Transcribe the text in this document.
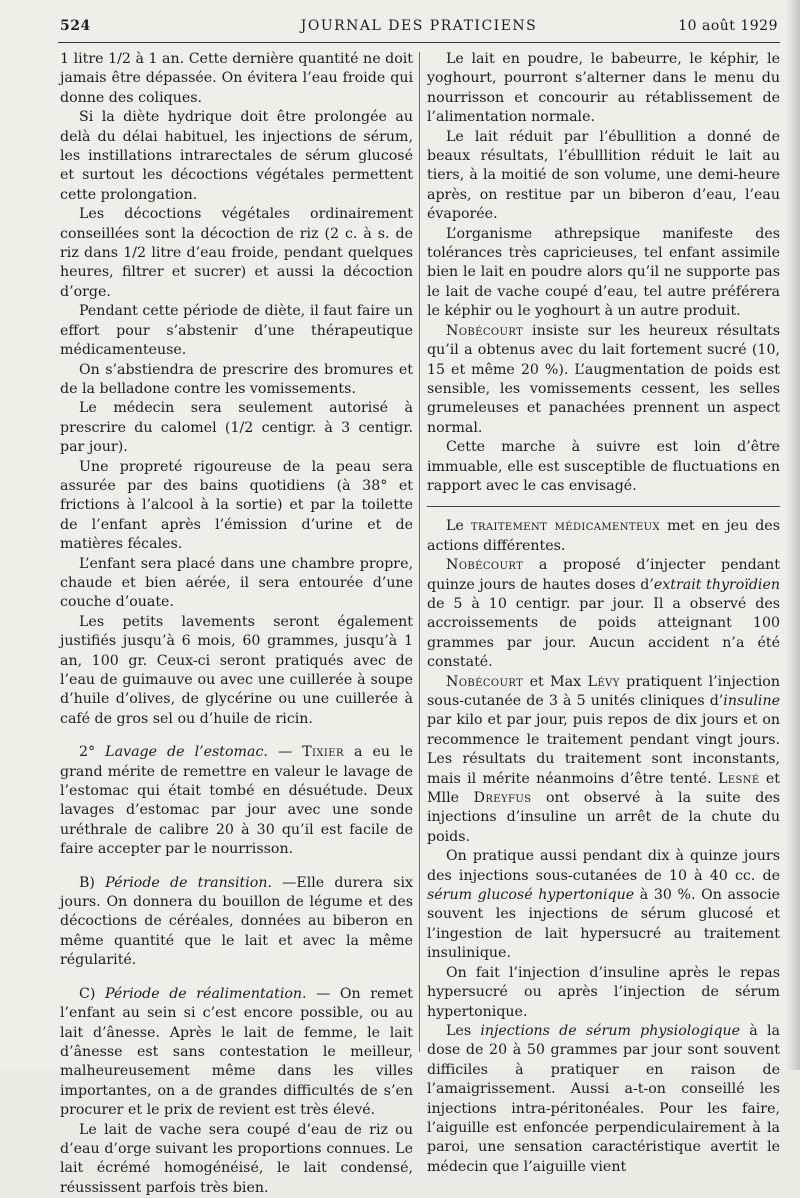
524	JOURNAL DES PRATICIENS	10 août 1929

1 litre 1/2 à 1 an. Cette dernière quantité ne doit jamais être dépassée. On évitera l’eau froide qui donne des coliques.

Si la diète hydrique doit être prolongée au delà du délai habituel, les injections de sérum, les instillations intrarectales de sérum glucosé et surtout les décoctions végétales permettent cette prolongation.

Les décoctions végétales ordinairement conseillées sont la décoction de riz (2 c. à s. de riz dans 1/2 litre d’eau froide, pendant quelques heures, filtrer et sucrer) et aussi la décoction d’orge.

Pendant cette période de diète, il faut faire un effort pour s’abstenir d’une thérapeutique médicamenteuse.

On s’abstiendra de prescrire des bromures et de la belladone contre les vomissements.

Le médecin sera seulement autorisé à prescrire du calomel (1/2 centigr. à 3 centigr. par jour).

Une propreté rigoureuse de la peau sera assurée par des bains quotidiens (à 38° et frictions à l’alcool à la sortie) et par la toilette de l’enfant après l’émission d’urine et de matières fécales.

L’enfant sera placé dans une chambre propre, chaude et bien aérée, il sera entourée d’une couche d’ouate.

Les petits lavements seront également justifiés jusqu’à 6 mois, 60 grammes, jusqu’à 1 an, 100 gr. Ceux-ci seront pratiqués avec de l’eau de guimauve ou avec une cuillerée à soupe d’huile d’olives, de glycérine ou une cuillerée à café de gros sel ou d’huile de ricin.

2° Lavage de l’estomac. — Tixier a eu le grand mérite de remettre en valeur le lavage de l’estomac qui était tombé en désuétude. Deux lavages d’estomac par jour avec une sonde uréthrale de calibre 20 à 30 qu’il est facile de faire accepter par le nourrisson.

B) Période de transition. —Elle durera six jours. On donnera du bouillon de légume et des décoctions de céréales, données au biberon en même quantité que le lait et avec la même régularité.

C) Période de réalimentation. — On remet l’enfant au sein si c’est encore possible, ou au lait d’ânesse. Après le lait de femme, le lait d’ânesse est sans contestation le meilleur, malheureusement même dans les villes importantes, on a de grandes difficultés de s’en procurer et le prix de revient est très élevé.

Le lait de vache sera coupé d’eau de riz ou d’eau d’orge suivant les proportions connues. Le lait écrémé homogénéisé, le lait condensé, réussissent parfois très bien.

Le lait en poudre, le babeurre, le képhir, le yoghourt, pourront s’alterner dans le menu du nourrisson et concourir au rétablissement de l’alimentation normale.

Le lait réduit par l’ébullition a donné de beaux résultats, l’ébulllition réduit le lait au tiers, à la moitié de son volume, une demi-heure après, on restitue par un biberon d’eau, l’eau évaporée.

L’organisme athrepsique manifeste des tolérances très capricieuses, tel enfant assimile bien le lait en poudre alors qu’il ne supporte pas le lait de vache coupé d’eau, tel autre préférera le képhir ou le yoghourt à un autre produit.

Nobécourt insiste sur les heureux résultats qu’il a obtenus avec du lait fortement sucré (10, 15 et même 20 %). L’augmentation de poids est sensible, les vomissements cessent, les selles grumeleuses et panachées prennent un aspect normal.

Cette marche à suivre est loin d’être immuable, elle est susceptible de fluctuations en rapport avec le cas envisagé.

Le traitement médicamenteux met en jeu des actions différentes.

Nobécourt a proposé d’injecter pendant quinze jours de hautes doses d’extrait thyroïdien de 5 à 10 centigr. par jour. Il a observé des accroissements de poids atteignant 100 grammes par jour. Aucun accident n’a été constaté.

Nobécourt et Max Lévy pratiquent l’injection sous-cutanée de 3 à 5 unités cliniques d’insuline par kilo et par jour, puis repos de dix jours et on recommence le traitement pendant vingt jours. Les résultats du traitement sont inconstants, mais il mérite néanmoins d’être tenté. Lesné et Mlle Dreyfus ont observé à la suite des injections d’insuline un arrêt de la chute du poids.

On pratique aussi pendant dix à quinze jours des injections sous-cutanées de 10 à 40 cc. de sérum glucosé hypertonique à 30 %. On associe souvent les injections de sérum glucosé et l’ingestion de lait hypersucré au traitement insulinique.

On fait l’injection d’insuline après le repas hypersucré ou après l’injection de sérum hypertonique.

Les injections de sérum physiologique à la dose de 20 à 50 grammes par jour sont souvent difficiles à pratiquer en raison de l’amaigrissement. Aussi a-t-on conseillé les injections intra-péritonéales. Pour les faire, l’aiguille est enfoncée perpendiculairement à la paroi, une sensation caractéristique avertit le médecin que l’aiguille vient
